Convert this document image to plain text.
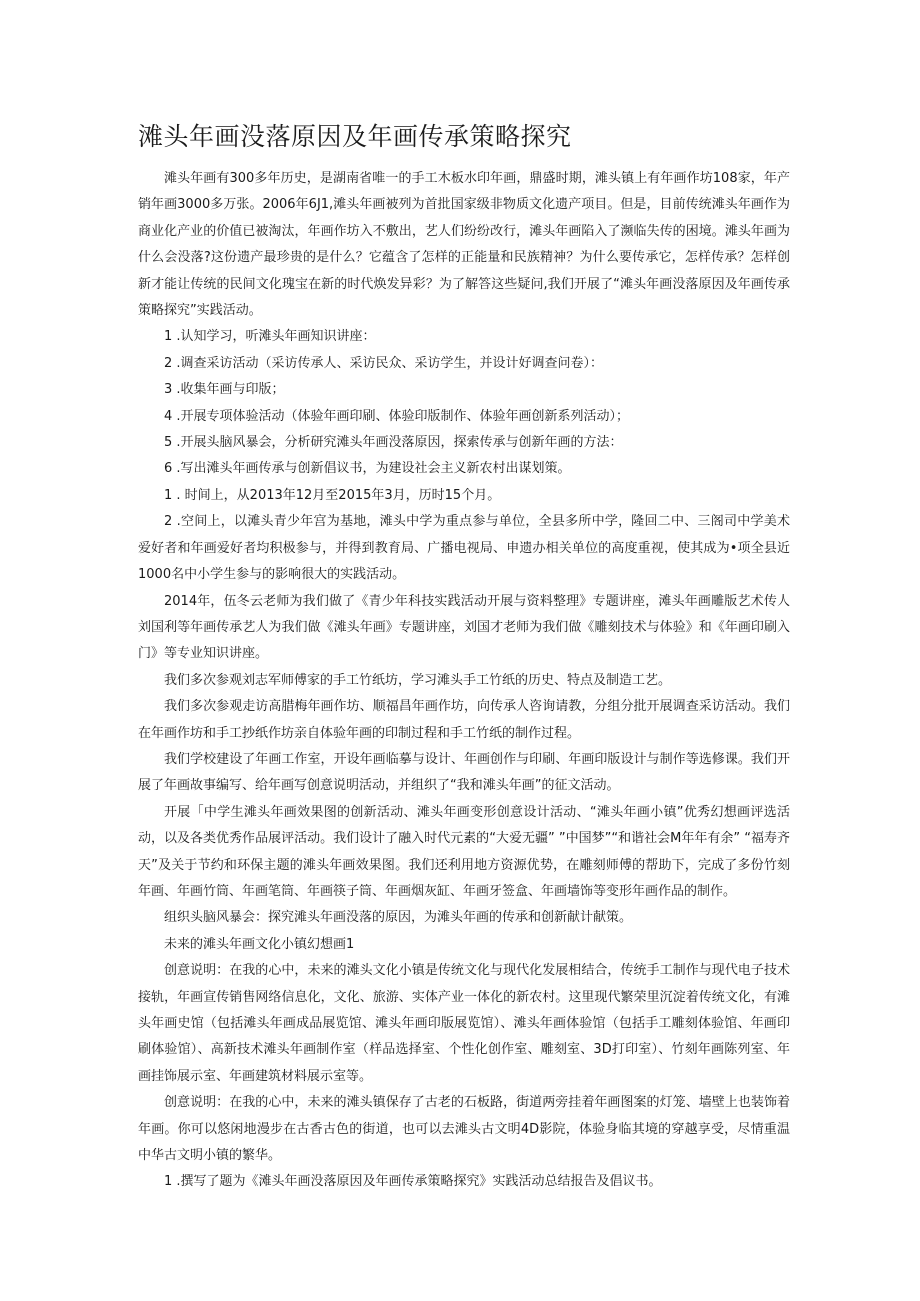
滩头年画没落原因及年画传承策略探究

滩头年画有300多年历史，是湖南省唯一的手工木板水印年画，鼎盛时期，滩头镇上有年画作坊108家，年产销年画3000多万张。2006年6J1,滩头年画被列为首批国家级非物质文化遗产项目。但是，目前传统滩头年画作为商业化产业的价值已被淘汰，年画作坊入不敷出，艺人们纷纷改行，滩头年画陷入了濒临失传的困境。滩头年画为什么会没落?这份遗产最珍贵的是什么？它蕴含了怎样的正能量和民族精神？为什么要传承它，怎样传承？怎样创新才能让传统的民间文化瑰宝在新的时代焕发异彩？为了解答这些疑问,我们开展了“滩头年画没落原因及年画传承策略探究”实践活动。

1 .认知学习，听滩头年画知识讲座：

2 .调查采访活动（采访传承人、采访民众、采访学生，并设计好调查问卷）：

3 .收集年画与印版；

4 .开展专项体验活动（体验年画印刷、体验印版制作、体验年画创新系列活动）；

5 .开展头脑风暴会，分析研究滩头年画没落原因，探索传承与创新年画的方法：

6 .写出滩头年画传承与创新倡议书，为建设社会主义新农村出谋划策。

1 . 时间上，从2013年12月至2015年3月，历时15个月。

2 .空间上，以滩头青少年宫为基地，滩头中学为重点参与单位，全县多所中学，隆回二中、三阁司中学美术爱好者和年画爱好者均积极参与，并得到教育局、广播电视局、申遗办相关单位的高度重视，使其成为•项全县近1000名中小学生参与的影响很大的实践活动。

2014年，伍冬云老师为我们做了《青少年科技实践活动开展与资料整理》专题讲座，滩头年画雕版艺术传人刘国利等年画传承艺人为我们做《滩头年画》专题讲座，刘国才老师为我们做《雕刻技术与体验》和《年画印刷入门》等专业知识讲座。

我们多次参观刘志军师傅家的手工竹纸坊，学习滩头手工竹纸的历史、特点及制造工艺。

我们多次参观走访高腊梅年画作坊、顺福昌年画作坊，向传承人咨询请教，分组分批开展调查采访活动。我们在年画作坊和手工抄纸作坊亲自体验年画的印制过程和手工竹纸的制作过程。

我们学校建设了年画工作室，开设年画临摹与设计、年画创作与印刷、年画印版设计与制作等选修课。我们开展了年画故事编写、给年画写创意说明活动，并组织了“我和滩头年画”的征文活动。

开展「中学生滩头年画效果图的创新活动、滩头年画变形创意设计活动、“滩头年画小镇”优秀幻想画评选活动，以及各类优秀作品展评活动。我们设计了融入时代元素的“大爱无疆” ”中国梦”“和谐社会M年年有余” “福寿齐天”及关于节约和环保主题的滩头年画效果图。我们还利用地方资源优势，在雕刻师傅的帮助下，完成了多份竹刻年画、年画竹筒、年画笔筒、年画筷子筒、年画烟灰缸、年画牙签盒、年画墙饰等变形年画作品的制作。

组织头脑风暴会：探究滩头年画没落的原因，为滩头年画的传承和创新献计献策。

未来的滩头年画文化小镇幻想画1

创意说明：在我的心中，未来的滩头文化小镇是传统文化与现代化发展相结合，传统手工制作与现代电子技术接轨，年画宣传销售网络信息化，文化、旅游、实体产业一体化的新农村。这里现代繁荣里沉淀着传统文化，有滩头年画史馆（包括滩头年画成品展览馆、滩头年画印版展览馆）、滩头年画体验馆（包括手工雕刻体验馆、年画印刷体验馆）、高新技术滩头年画制作室（样品选择室、个性化创作室、雕刻室、3D打印室）、竹刻年画陈列室、年画挂饰展示室、年画建筑材料展示室等。

创意说明：在我的心中，未来的滩头镇保存了古老的石板路，街道两旁挂着年画图案的灯笼、墙壁上也装饰着年画。你可以悠闲地漫步在古香古色的街道，也可以去滩头古文明4D影院，体验身临其境的穿越享受，尽情重温中华古文明小镇的繁华。

1 .撰写了题为《滩头年画没落原因及年画传承策略探究》实践活动总结报告及倡议书。
